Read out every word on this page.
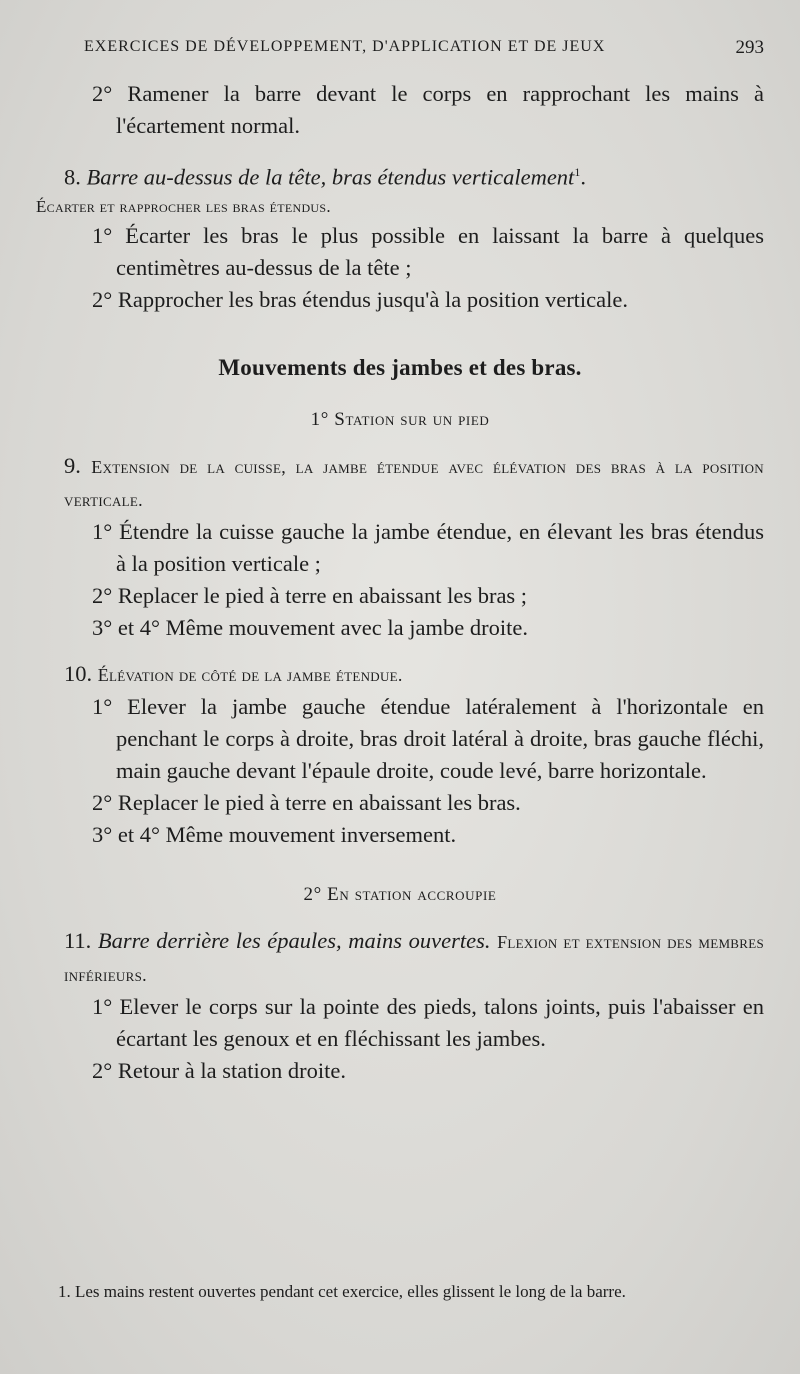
EXERCICES DE DÉVELOPPEMENT, D'APPLICATION ET DE JEUX	293
2° Ramener la barre devant le corps en rapprochant les mains à l'écartement normal.
8. Barre au-dessus de la tête, bras étendus verticalement$^1$.
Écarter et rapprocher les bras étendus.
1° Écarter les bras le plus possible en laissant la barre à quelques centimètres au-dessus de la tête ;
2° Rapprocher les bras étendus jusqu'à la position verticale.
Mouvements des jambes et des bras.
1° Station sur un pied
9. Extension de la cuisse, la jambe étendue avec élévation des bras à la position verticale.
1° Étendre la cuisse gauche la jambe étendue, en élevant les bras étendus à la position verticale ;
2° Replacer le pied à terre en abaissant les bras ;
3° et 4° Même mouvement avec la jambe droite.
10. Élévation de côté de la jambe étendue.
1° Elever la jambe gauche étendue latéralement à l'horizontale en penchant le corps à droite, bras droit latéral à droite, bras gauche fléchi, main gauche devant l'épaule droite, coude levé, barre horizontale.
2° Replacer le pied à terre en abaissant les bras.
3° et 4° Même mouvement inversement.
2° En station accroupie
11. Barre derrière les épaules, mains ouvertes. Flexion et extension des membres inférieurs.
1° Elever le corps sur la pointe des pieds, talons joints, puis l'abaisser en écartant les genoux et en fléchissant les jambes.
2° Retour à la station droite.
1. Les mains restent ouvertes pendant cet exercice, elles glissent le long de la barre.
